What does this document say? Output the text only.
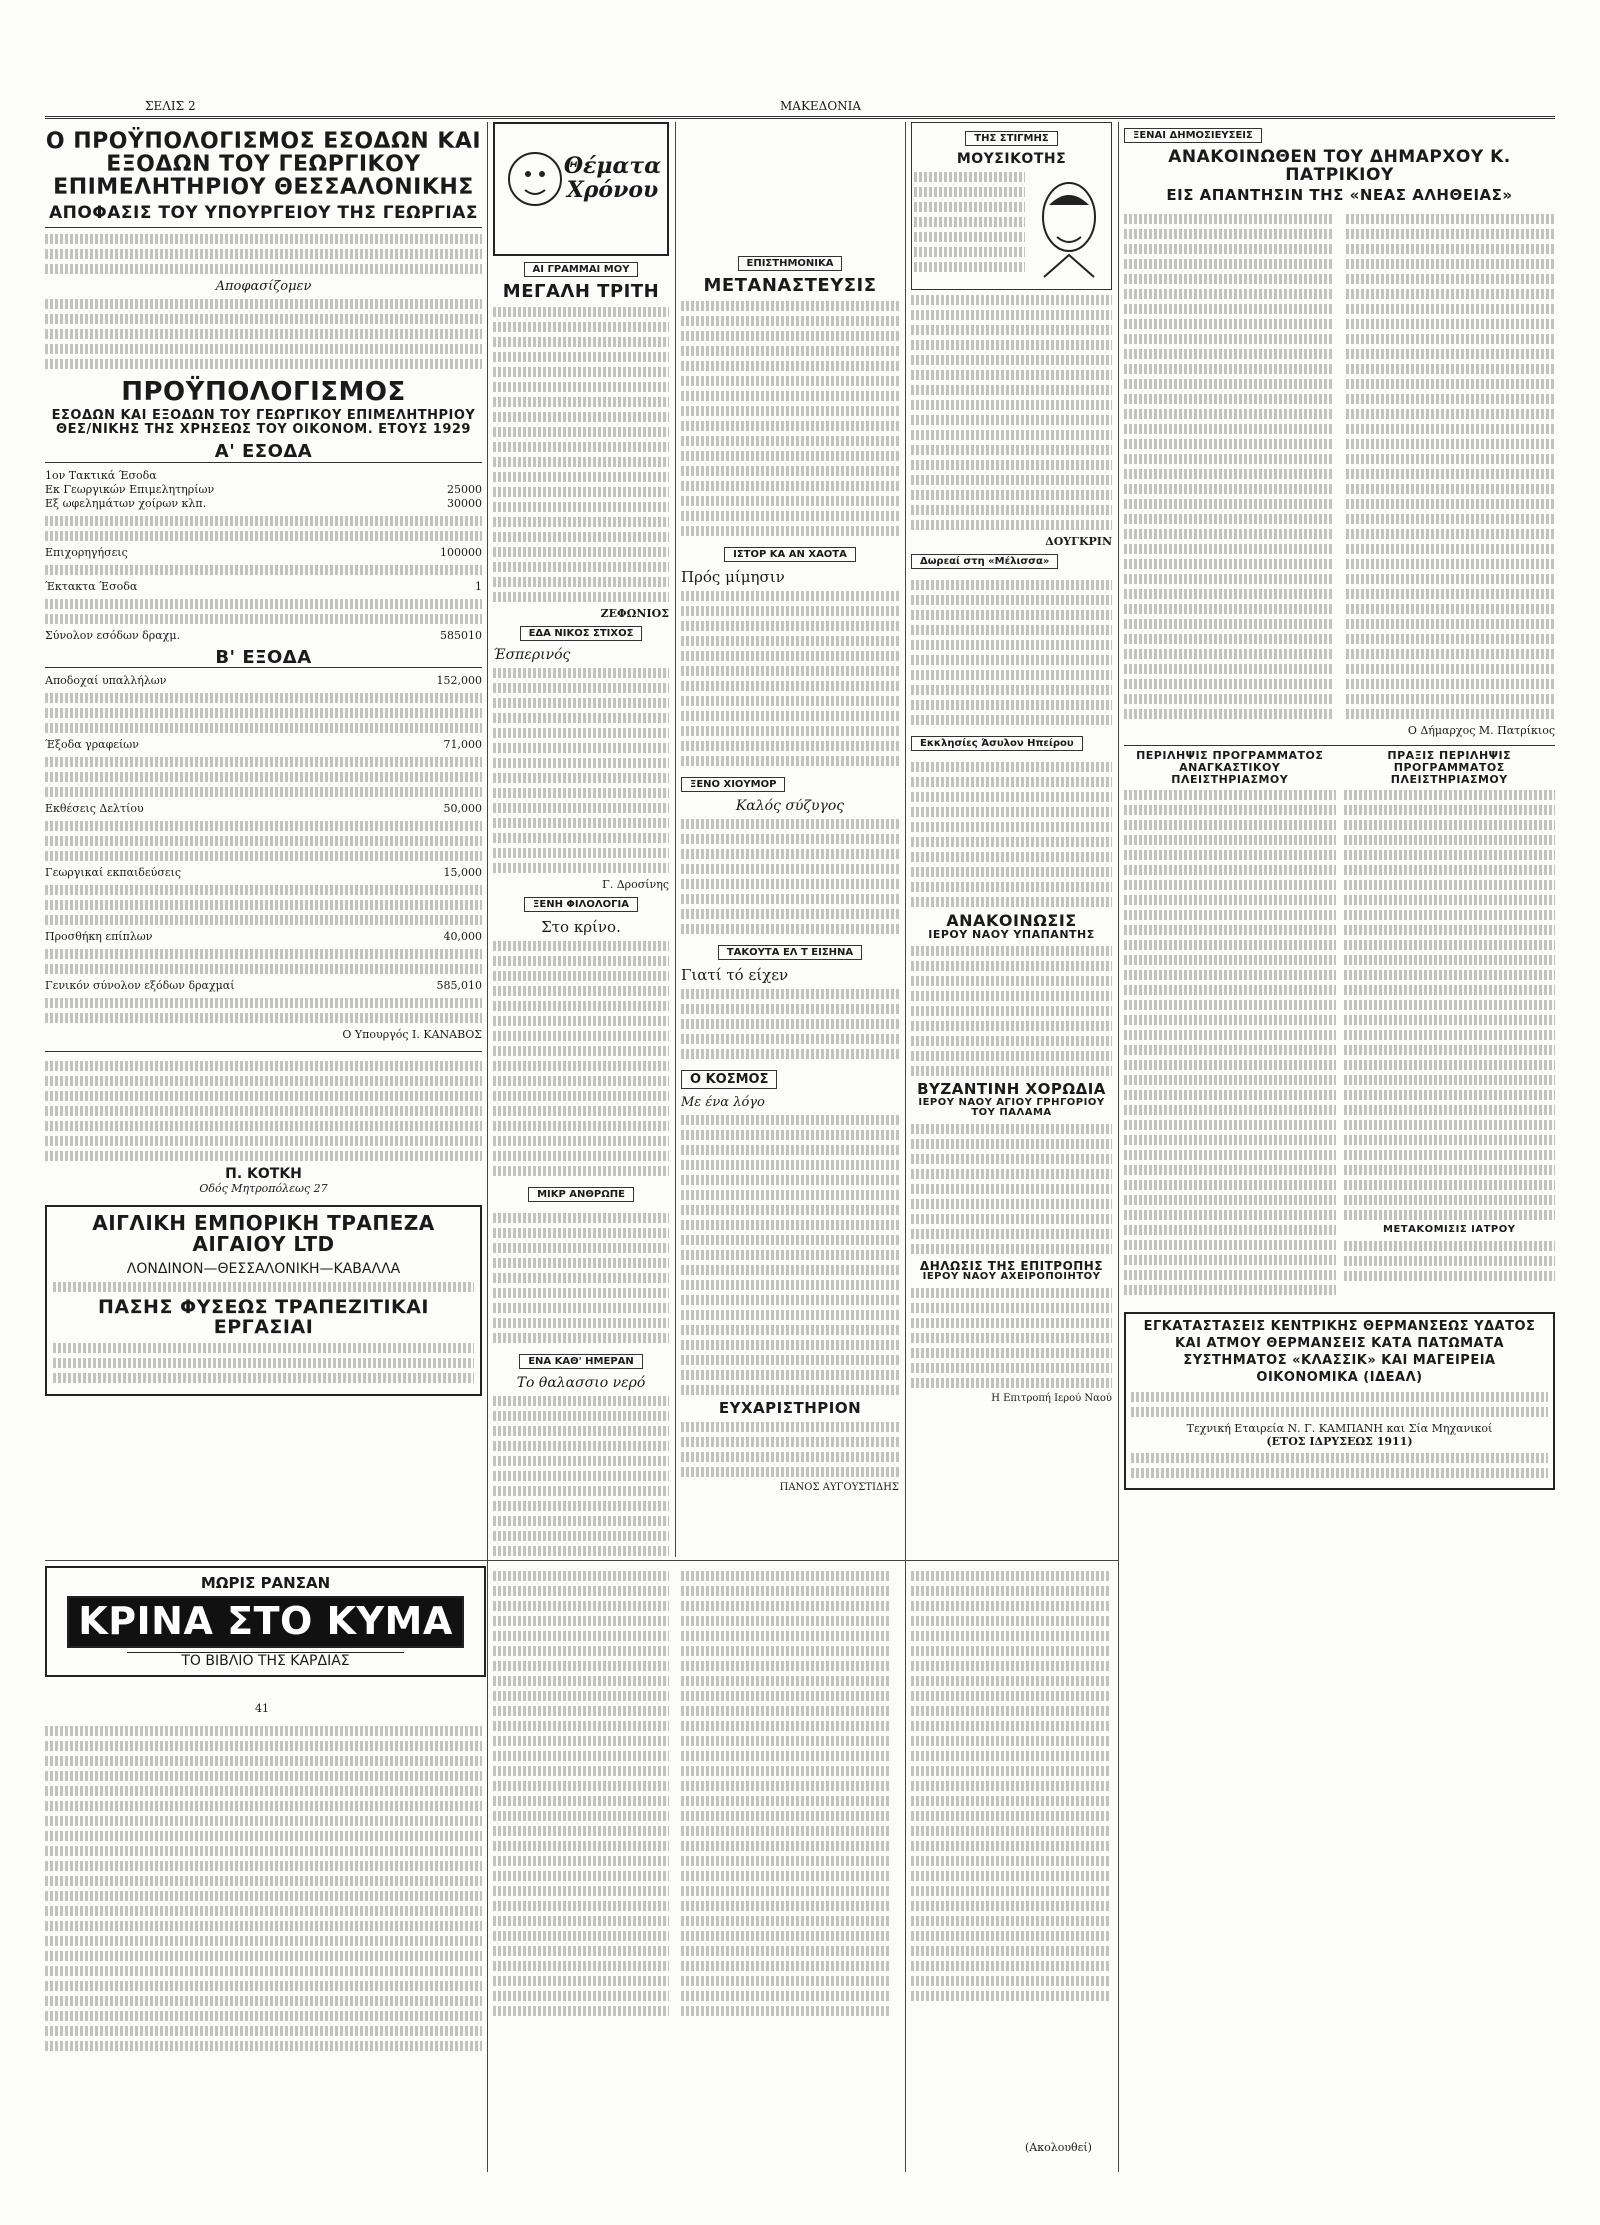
ΣΕΛΙΣ 2	ΜΑΚΕΔΟΝΙΑ
Ο ΠΡΟΫΠΟΛΟΓΙΣΜΟΣ ΕΣΟΔΩΝ ΚΑΙ ΕΞΟΔΩΝ ΤΟΥ ΓΕΩΡΓΙΚΟΥ ΕΠΙΜΕΛΗΤΗΡΙΟΥ ΘΕΣΣΑΛΟΝΙΚΗΣ
ΑΠΟΦΑΣΙΣ ΤΟΥ ΥΠΟΥΡΓΕΙΟΥ ΤΗΣ ΓΕΩΡΓΙΑΣ
Αποφασίζομεν
ΠΡΟΫΠΟΛΟΓΙΣΜΟΣ
ΕΣΟΔΩΝ ΚΑΙ ΕΞΟΔΩΝ ΤΟΥ ΓΕΩΡΓΙΚΟΥ ΕΠΙΜΕΛΗΤΗΡΙΟΥ ΘΕΣ/ΝΙΚΗΣ ΤΗΣ ΧΡΗΣΕΩΣ ΤΟΥ ΟΙΚΟΝΟΜ. ΕΤΟΥΣ 1929
Α' ΕΣΟΔΑ
1ον Τακτικά Έσοδα
Εκ Γεωργικών Επιμελητηρίων	25000
Εξ ωφελημάτων χοίρων κλπ.	30000
Επιχορηγήσεις	100000
Έκτακτα Έσοδα	1
Σύνολον εσόδων δραχμ.	585010
Β' ΕΞΟΔΑ
Αποδοχαί υπαλλήλων	152,000
Έξοδα γραφείων	71,000
Εκθέσεις Δελτίου	50,000
Γεωργικαί εκπαιδεύσεις	15,000
Προσθήκη επίπλων	40,000
Γενικόν σύνολον εξόδων δραχμαί	585,010
Ο Υπουργός Ι. ΚΑΝΑΒΟΣ
Π. ΚΟΤΚΗ
Οδός Μητροπόλεως 27
ΑΙΓΛΙΚΗ ΕΜΠΟΡΙΚΗ ΤΡΑΠΕΖΑ ΑΙΓΑΙΟΥ LTD
ΛΟΝΔΙΝΟΝ—ΘΕΣΣΑΛΟΝΙΚΗ—ΚΑΒΑΛΛΑ
ΠΑΣΗΣ ΦΥΣΕΩΣ ΤΡΑΠΕΖΙΤΙΚΑΙ ΕΡΓΑΣΙΑΙ
Θέματα Χρόνου
ΑΙ ΓΡΑΜΜΑΙ ΜΟΥ
ΜΕΓΑΛΗ ΤΡΙΤΗ
ΖΕΦΩΝΙΟΣ
ΕΔΑ ΝΙΚΟΣ ΣΤΙΧΟΣ
Έσπερινός
Γ. Δροσίνης
ΞΕΝΗ ΦΙΛΟΛΟΓΙΑ
Στο κρίνο.
ΜΙΚΡ ΑΝΘΡΩΠΕ
ΕΝΑ ΚΑΘ' ΗΜΕΡΑΝ
Το θαλασσιο νερό
ΕΠΙΣΤΗΜΟΝΙΚΑ
ΜΕΤΑΝΑΣΤΕΥΣΙΣ
ΙΣΤΟΡ ΚΑ ΑΝ ΧΑΟΤΑ
Πρός μίμησιν
ΞΕΝΟ ΧΙΟΥΜΟΡ
Καλός σύζυγος
ΤΑΚΟΥΤΑ ΕΛ Τ ΕΙΣΗΝΑ
Γιατί τό είχεν
Ο ΚΟΣΜΟΣ
Με ένα λόγο
ΕΥΧΑΡΙΣΤΗΡΙΟΝ
ΠΑΝΟΣ ΑΥΓΟΥΣΤΙΔΗΣ
ΤΗΣ ΣΤΙΓΜΗΣ
ΜΟΥΣΙΚΟΤΗΣ
ΔΟΥΓΚΡΙΝ
Δωρεαί στη «Μέλισσα»
Εκκλησίες Άσυλον Ηπείρου
ΑΝΑΚΟΙΝΩΣΙΣ
ΙΕΡΟΥ ΝΑΟΥ ΥΠΑΠΑΝΤΗΣ
ΒΥΖΑΝΤΙΝΗ ΧΟΡΩΔΙΑ
ΙΕΡΟΥ ΝΑΟΥ ΑΓΙΟΥ ΓΡΗΓΟΡΙΟΥ ΤΟΥ ΠΑΛΑΜΑ
ΔΗΛΩΣΙΣ ΤΗΣ ΕΠΙΤΡΟΠΗΣ
ΙΕΡΟΥ ΝΑΟΥ ΑΧΕΙΡΟΠΟΙΗΤΟΥ
Η Επιτροπή Ιερού Ναού
ΞΕΝΑΙ ΔΗΜΟΣΙΕΥΣΕΙΣ
ΑΝΑΚΟΙΝΩΘΕΝ ΤΟΥ ΔΗΜΑΡΧΟΥ Κ. ΠΑΤΡΙΚΙΟΥ
ΕΙΣ ΑΠΑΝΤΗΣΙΝ ΤΗΣ «ΝΕΑΣ ΑΛΗΘΕΙΑΣ»
Ο Δήμαρχος Μ. Πατρίκιος
ΠΕΡΙΛΗΨΙΣ ΠΡΟΓΡΑΜΜΑΤΟΣ ΑΝΑΓΚΑΣΤΙΚΟΥ ΠΛΕΙΣΤΗΡΙΑΣΜΟΥ
ΠΡΑΞΙΣ ΠΕΡΙΛΗΨΙΣ ΠΡΟΓΡΑΜΜΑΤΟΣ ΠΛΕΙΣΤΗΡΙΑΣΜΟΥ
ΜΕΤΑΚΟΜΙΣΙΣ ΙΑΤΡΟΥ
ΕΓΚΑΤΑΣΤΑΣΕΙΣ ΚΕΝΤΡΙΚΗΣ ΘΕΡΜΑΝΣΕΩΣ ΥΔΑΤΟΣ ΚΑΙ ΑΤΜΟΥ ΘΕΡΜΑΝΣΕΙΣ ΚΑΤΑ ΠΑΤΩΜΑΤΑ ΣΥΣΤΗΜΑΤΟΣ «ΚΛΑΣΣΙΚ» ΚΑΙ ΜΑΓΕΙΡΕΙΑ ΟΙΚΟΝΟΜΙΚΑ (ΙΔΕΑΛ)
Τεχνική Εταιρεία Ν. Γ. ΚΑΜΠΑΝΗ και Σία Μηχανικοί
(ΕΤΟΣ ΙΔΡΥΣΕΩΣ 1911)
ΜΩΡΙΣ ΡΑΝΣΑΝ
ΚΡΙΝΑ ΣΤΟ ΚΥΜΑ
ΤΟ ΒΙΒΛΙΟ ΤΗΣ ΚΑΡΔΙΑΣ
41
(Ακολουθεί)
